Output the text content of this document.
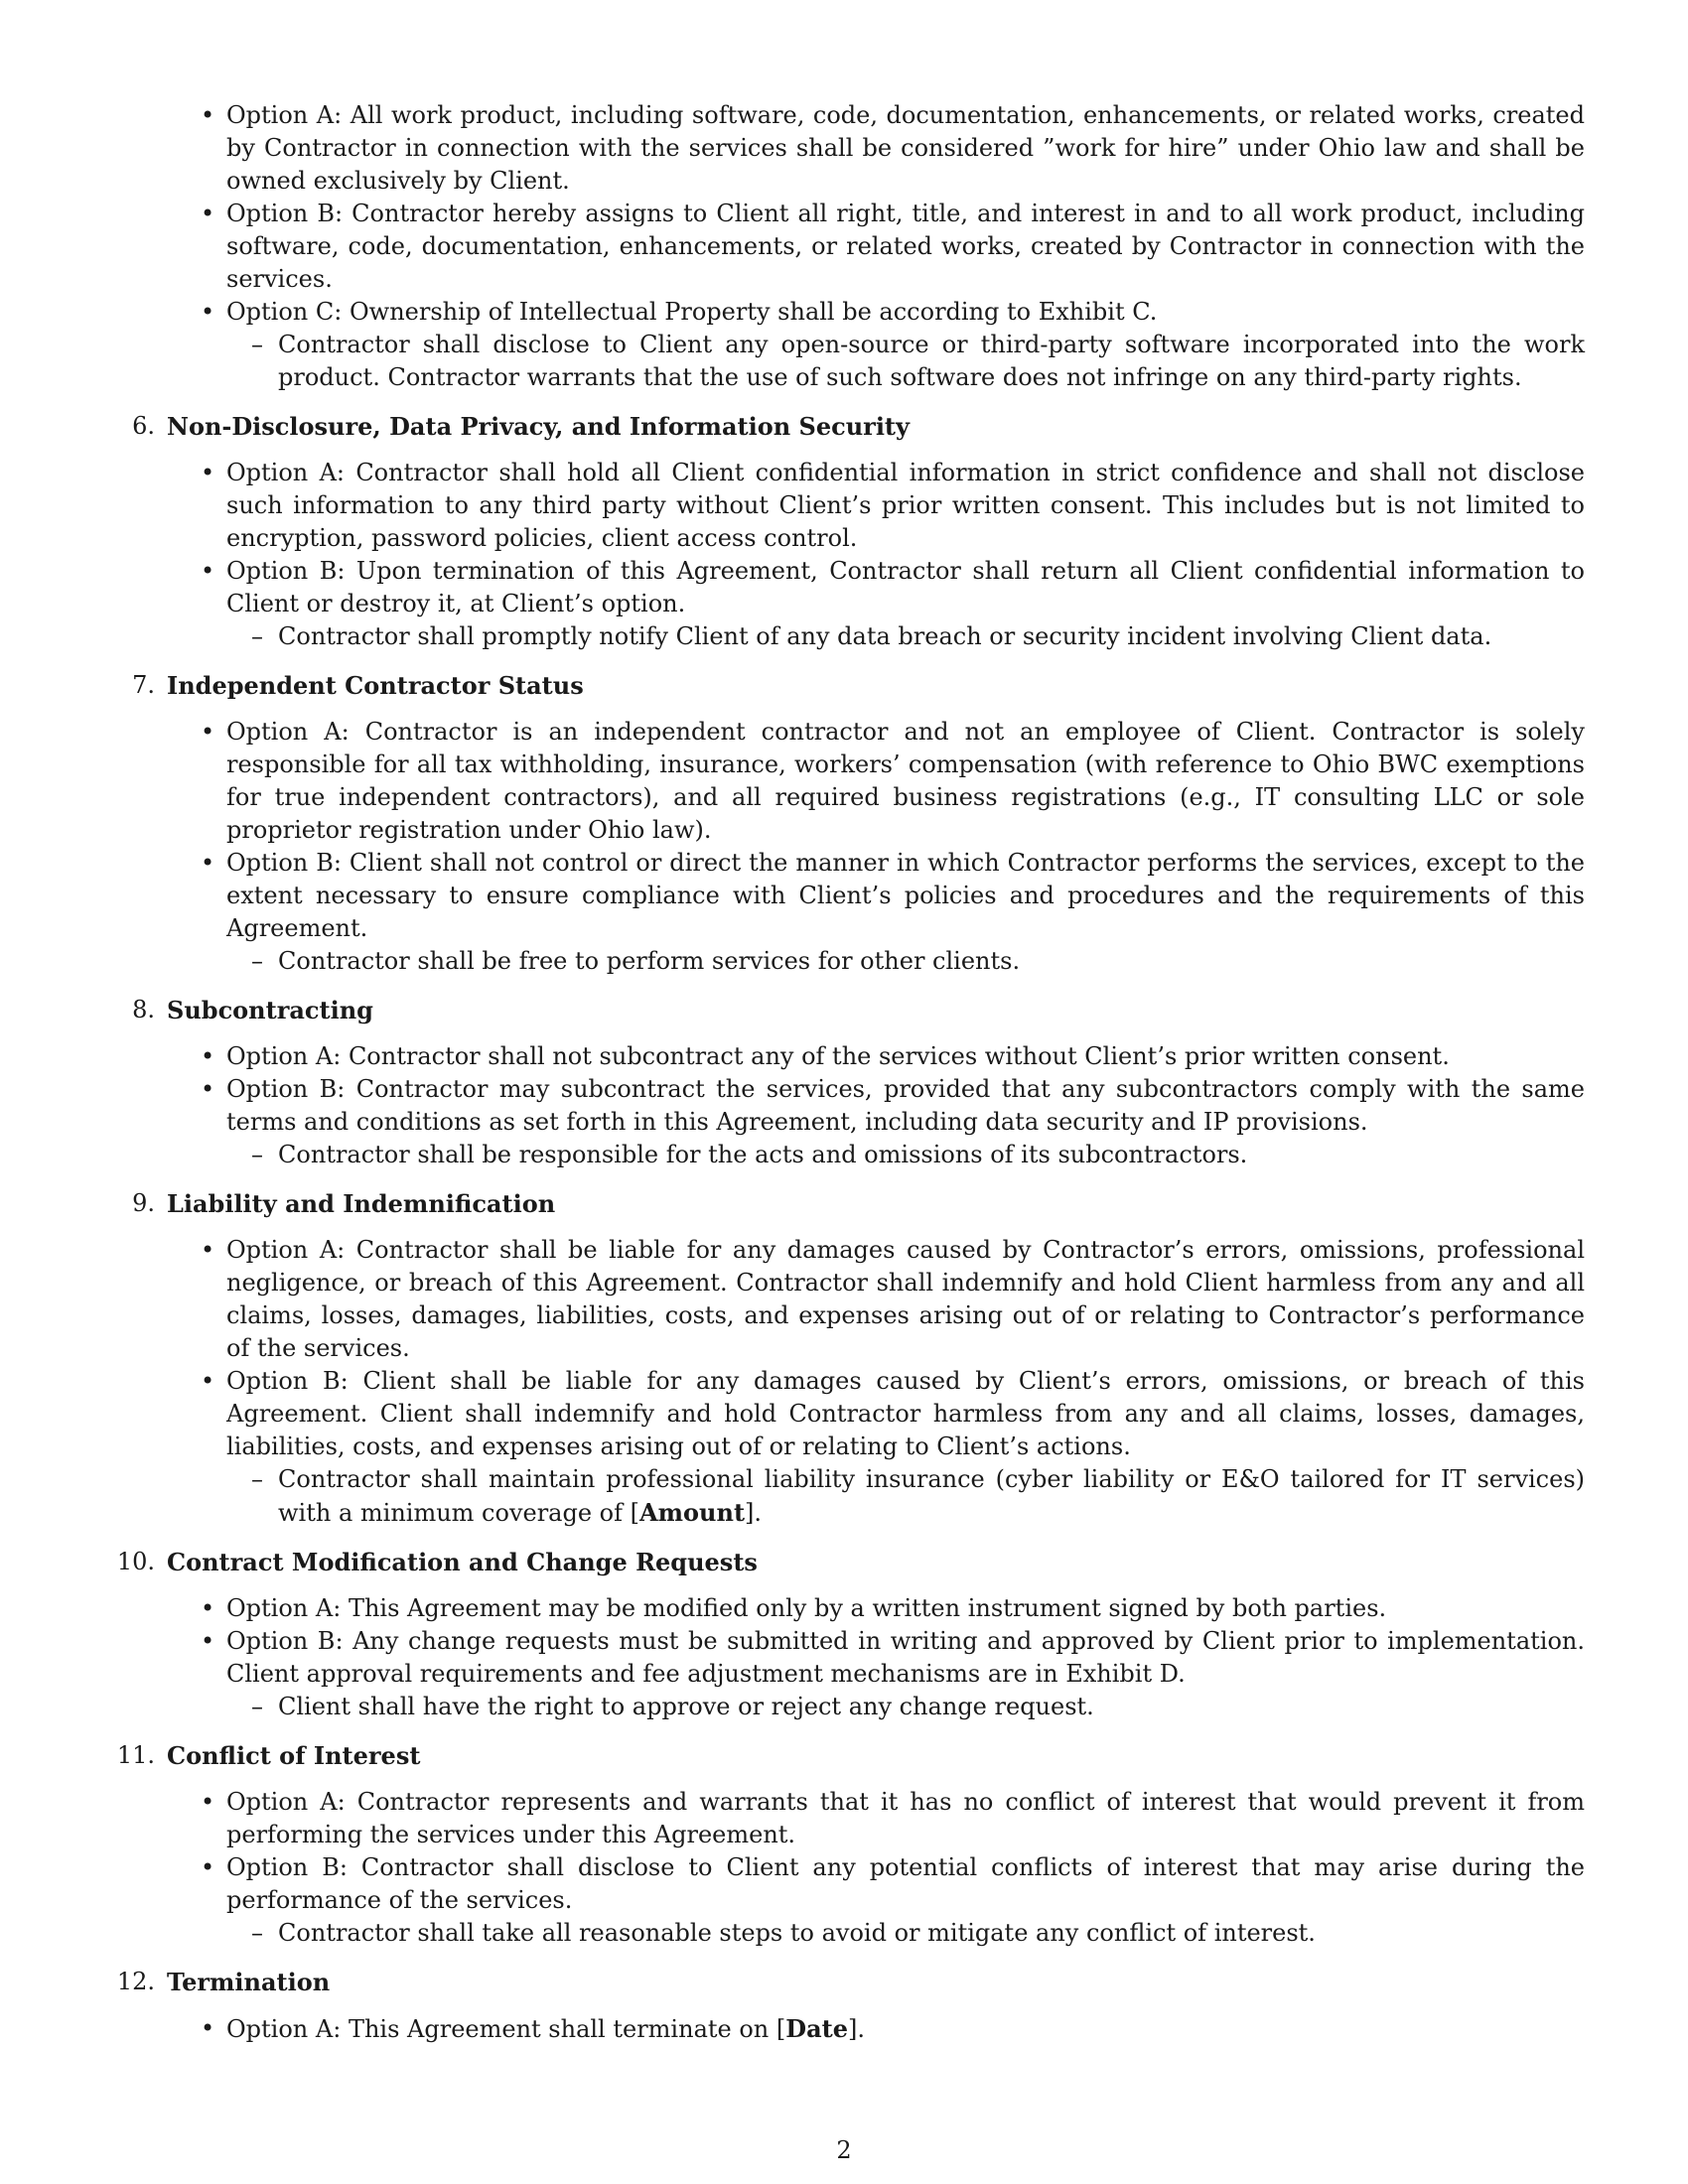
• Option A: All work product, including software, code, documentation, enhancements, or related works, created by Contractor in connection with the services shall be considered ”work for hire” under Ohio law and shall be owned exclusively by Client.
• Option B: Contractor hereby assigns to Client all right, title, and interest in and to all work product, including software, code, documentation, enhancements, or related works, created by Contractor in connection with the services.
• Option C: Ownership of Intellectual Property shall be according to Exhibit C.
– Contractor shall disclose to Client any open-source or third-party software incorporated into the work product. Contractor warrants that the use of such software does not infringe on any third-party rights.
6. Non-Disclosure, Data Privacy, and Information Security
• Option A: Contractor shall hold all Client confidential information in strict confidence and shall not disclose such information to any third party without Client’s prior written consent. This includes but is not limited to encryption, password policies, client access control.
• Option B: Upon termination of this Agreement, Contractor shall return all Client confidential information to Client or destroy it, at Client’s option.
– Contractor shall promptly notify Client of any data breach or security incident involving Client data.
7. Independent Contractor Status
• Option A: Contractor is an independent contractor and not an employee of Client. Contractor is solely responsible for all tax withholding, insurance, workers’ compensation (with reference to Ohio BWC exemptions for true independent contractors), and all required business registrations (e.g., IT consulting LLC or sole proprietor registration under Ohio law).
• Option B: Client shall not control or direct the manner in which Contractor performs the services, except to the extent necessary to ensure compliance with Client’s policies and procedures and the requirements of this Agreement.
– Contractor shall be free to perform services for other clients.
8. Subcontracting
• Option A: Contractor shall not subcontract any of the services without Client’s prior written consent.
• Option B: Contractor may subcontract the services, provided that any subcontractors comply with the same terms and conditions as set forth in this Agreement, including data security and IP provisions.
– Contractor shall be responsible for the acts and omissions of its subcontractors.
9. Liability and Indemnification
• Option A: Contractor shall be liable for any damages caused by Contractor’s errors, omissions, professional negligence, or breach of this Agreement. Contractor shall indemnify and hold Client harmless from any and all claims, losses, damages, liabilities, costs, and expenses arising out of or relating to Contractor’s performance of the services.
• Option B: Client shall be liable for any damages caused by Client’s errors, omissions, or breach of this Agreement. Client shall indemnify and hold Contractor harmless from any and all claims, losses, damages, liabilities, costs, and expenses arising out of or relating to Client’s actions.
– Contractor shall maintain professional liability insurance (cyber liability or E&O tailored for IT services) with a minimum coverage of [Amount].
10. Contract Modification and Change Requests
• Option A: This Agreement may be modified only by a written instrument signed by both parties.
• Option B: Any change requests must be submitted in writing and approved by Client prior to implementation. Client approval requirements and fee adjustment mechanisms are in Exhibit D.
– Client shall have the right to approve or reject any change request.
11. Conflict of Interest
• Option A: Contractor represents and warrants that it has no conflict of interest that would prevent it from performing the services under this Agreement.
• Option B: Contractor shall disclose to Client any potential conflicts of interest that may arise during the performance of the services.
– Contractor shall take all reasonable steps to avoid or mitigate any conflict of interest.
12. Termination
• Option A: This Agreement shall terminate on [Date].
2
